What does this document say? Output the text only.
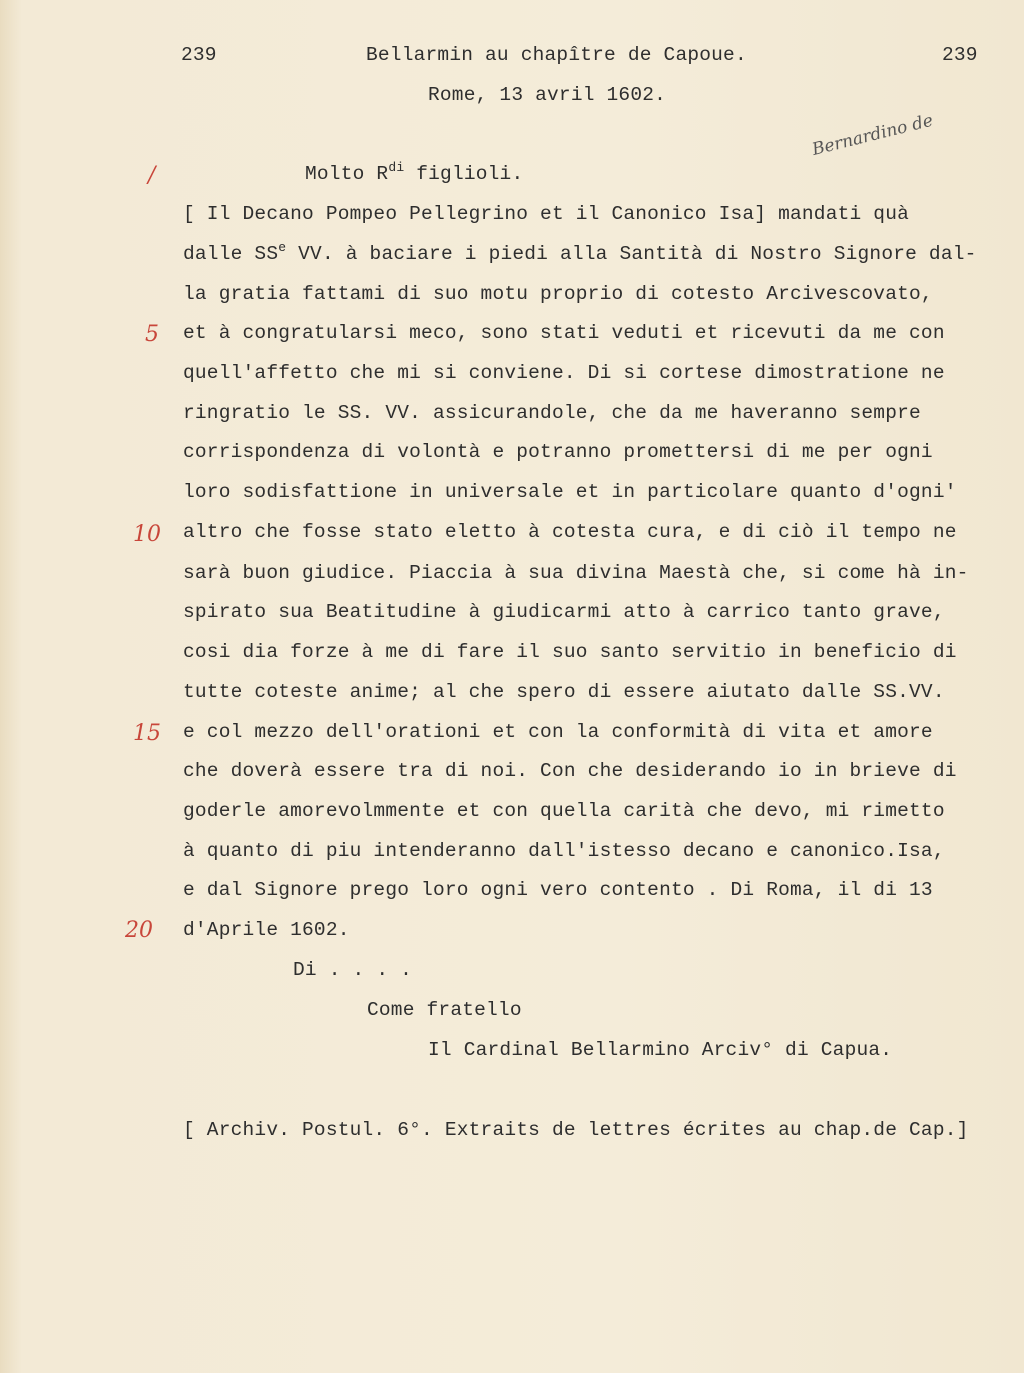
239	Bellarmin au chapître de Capoue.	239
Rome, 13 avril 1602.
Molto $R^{di}$ figlioli.
Bernardino de
/
5
10
15
20
[ Il Decano Pompeo Pellegrino et il Canonico Isa] mandati quà
dalle $SS^e$ VV. à baciare i piedi alla Santità di Nostro Signore dal-
la gratia fattami di suo motu proprio di cotesto Arcivescovato,
et à congratularsi meco, sono stati veduti et ricevuti da me con
quell'affetto che mi si conviene. Di si cortese dimostratione ne
ringratio le SS. VV. assicurandole, che da me haveranno sempre
corrispondenza di volontà e potranno promettersi di me per ogni
loro sodisfattione in universale et in particolare quanto d'ogni'
altro che fosse stato eletto à cotesta cura, e di ciò il tempo ne
sarà buon giudice. Piaccia à sua divina Maestà che, si come hà in-
spirato sua Beatitudine à giudicarmi atto à carrico tanto grave,
cosi dia forze à me di fare il suo santo servitio in beneficio di
tutte coteste anime; al che spero di essere aiutato dalle SS.VV.
e col mezzo dell'orationi et con la conformità di vita et amore
che doverà essere tra di noi. Con che desiderando io in brieve di
goderle amorevolmmente et con quella carità che devo, mi rimetto
à quanto di piu intenderanno dall'istesso decano e canonico.Isa,
e dal Signore prego loro ogni vero contento . Di Roma, il di 13
d'Aprile 1602.
Di . . . .
Come fratello
Il Cardinal Bellarmino Arciv° di Capua.
[ Archiv. Postul. 6°. Extraits de lettres écrites au chap.de Cap.]
